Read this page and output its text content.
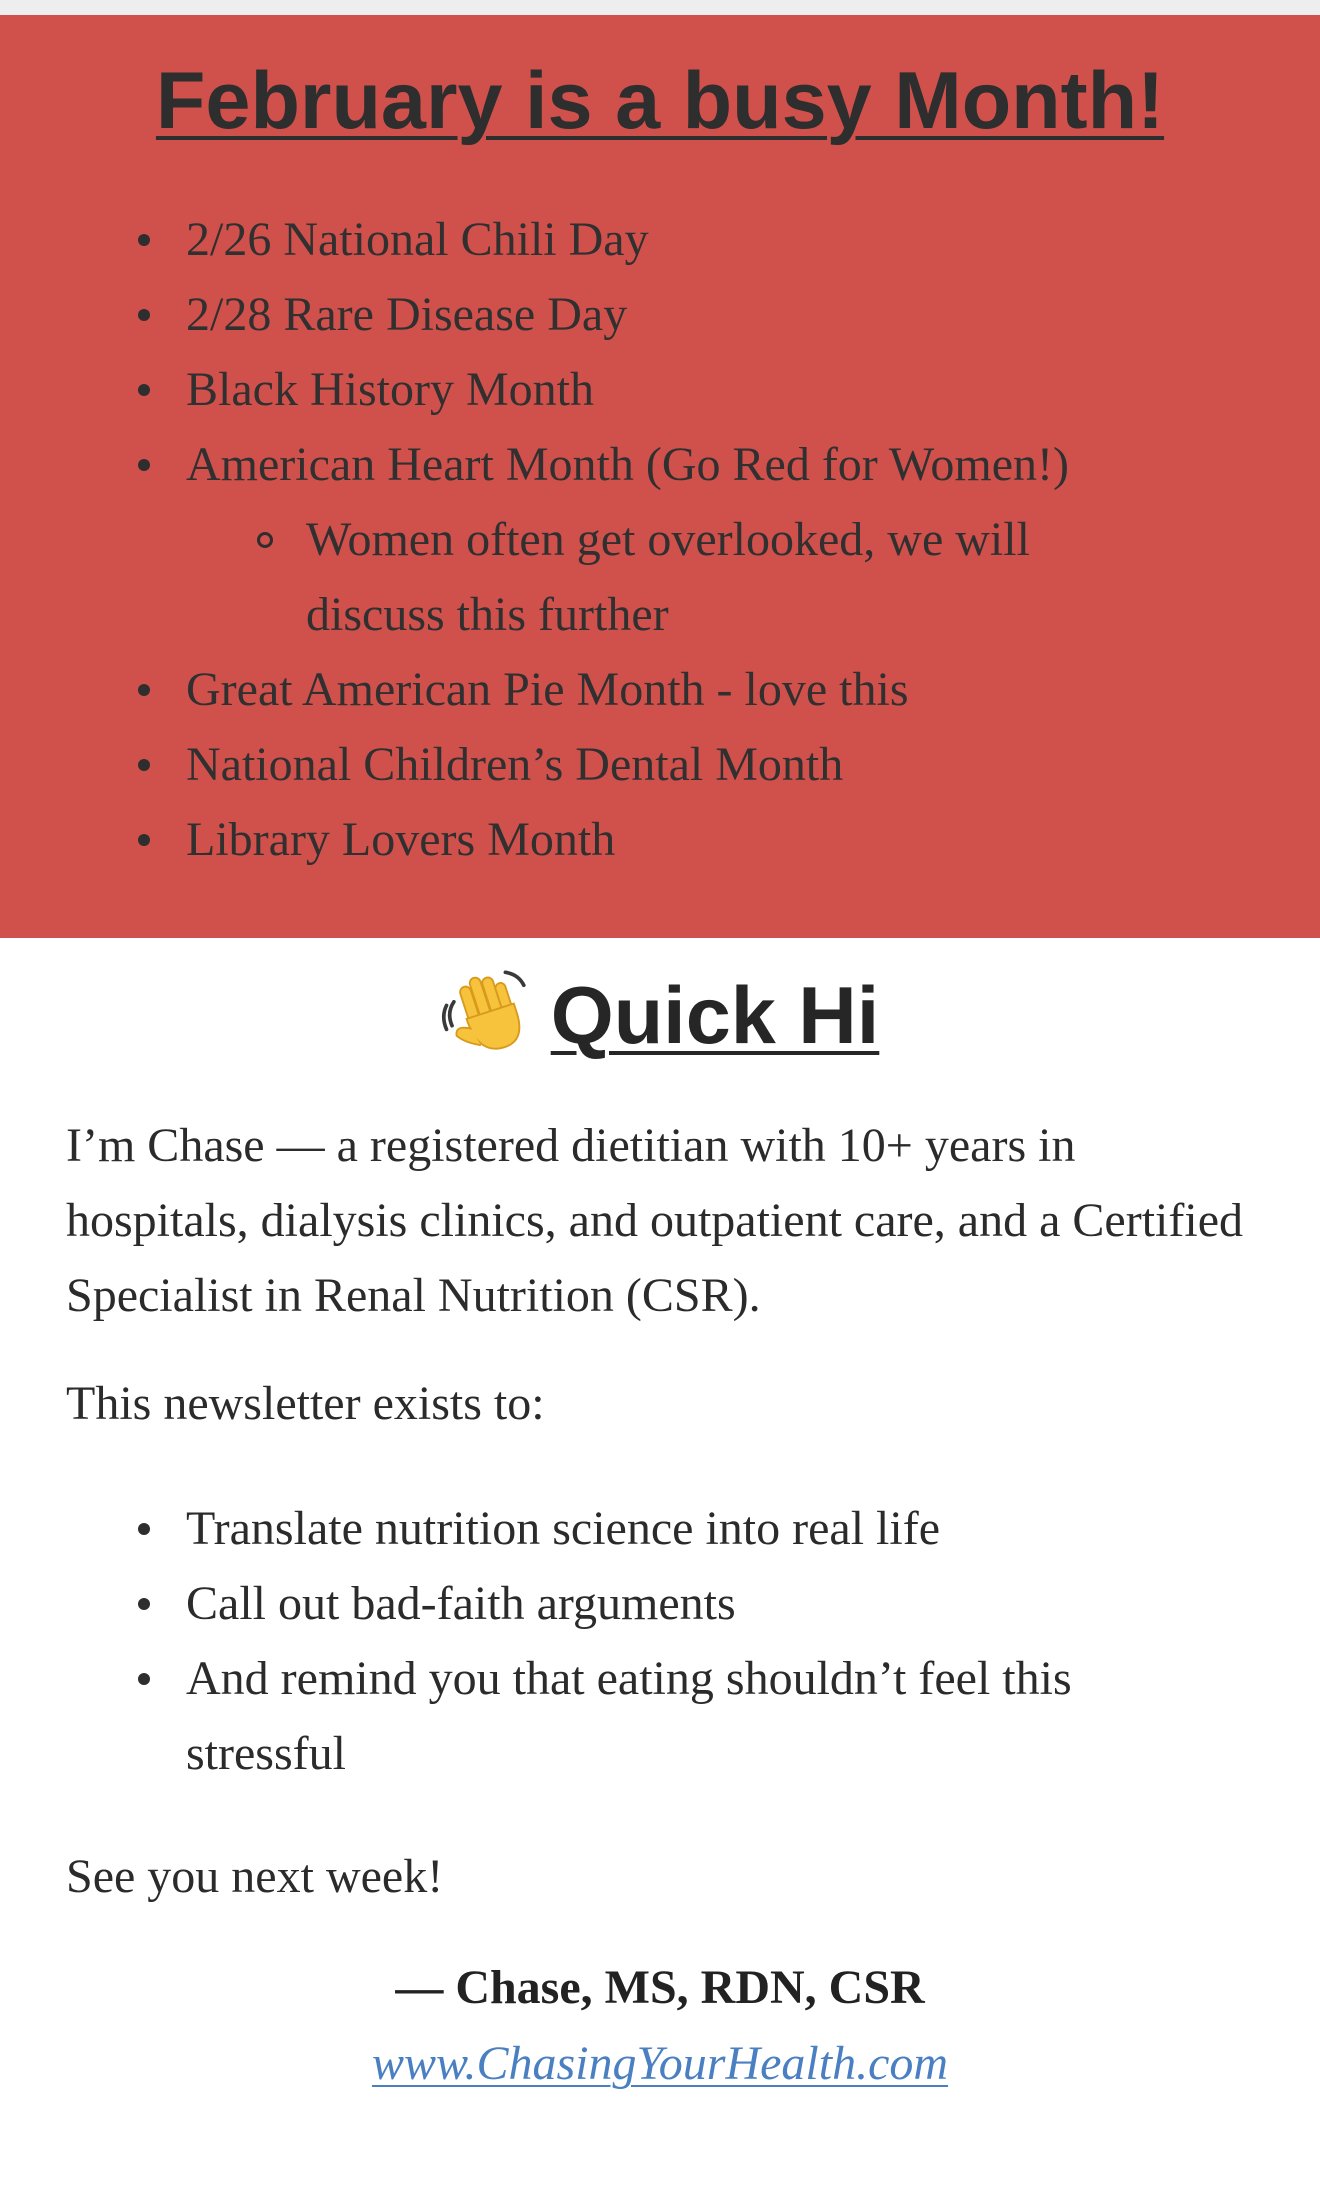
February is a busy Month!
2/26 National Chili Day
2/28 Rare Disease Day
Black History Month
American Heart Month (Go Red for Women!)
Women often get overlooked, we will discuss this further
Great American Pie Month - love this
National Children’s Dental Month
Library Lovers Month
Quick Hi

I’m Chase — a registered dietitian with 10+ years in hospitals, dialysis clinics, and outpatient care, and a Certified Specialist in Renal Nutrition (CSR).

This newsletter exists to:

Translate nutrition science into real life
Call out bad-faith arguments
And remind you that eating shouldn’t feel this stressful

See you next week!

— Chase, MS, RDN, CSR

www.ChasingYourHealth.com
